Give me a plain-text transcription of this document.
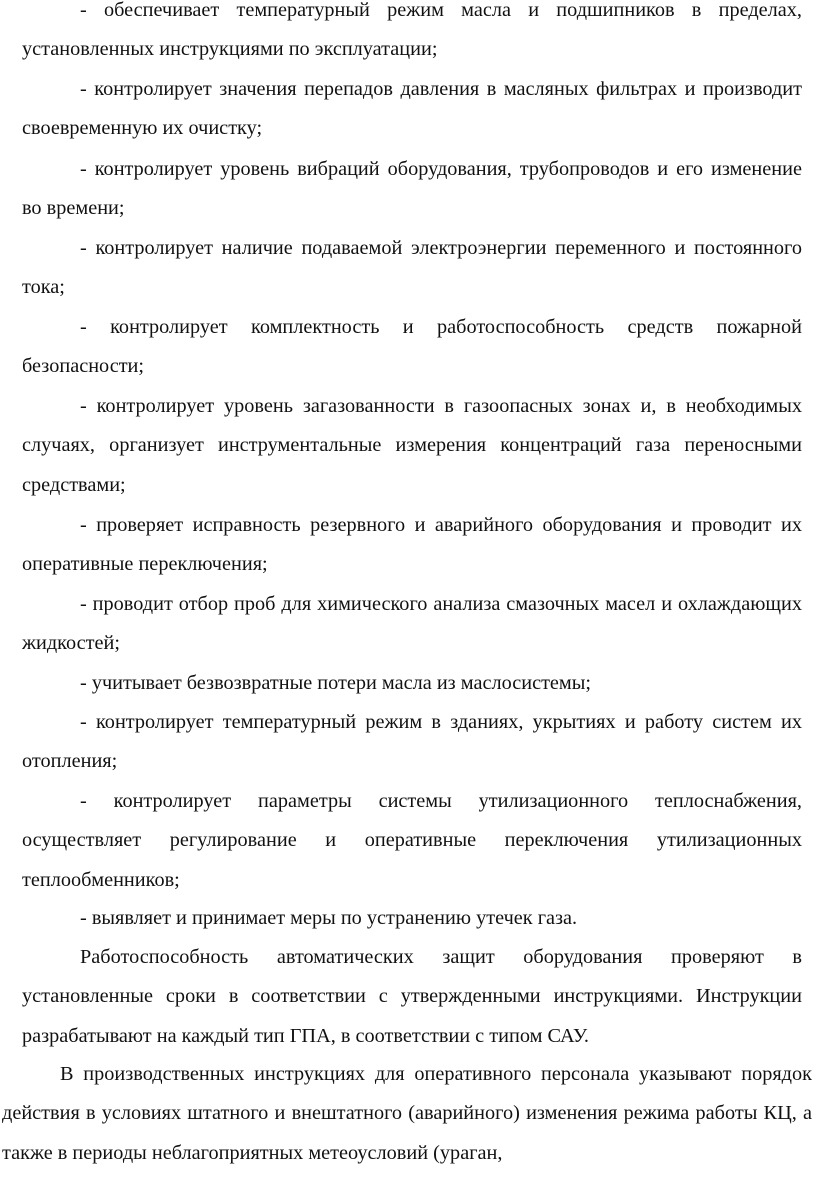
- обеспечивает температурный режим масла и подшипников в пределах, установленных инструкциями по эксплуатации;

- контролирует значения перепадов давления в масляных фильтрах и производит своевременную их очистку;

- контролирует уровень вибраций оборудования, трубопроводов и его изменение во времени;

- контролирует наличие подаваемой электроэнергии переменного и постоянного тока;

- контролирует комплектность и работоспособность средств пожарной безопасности;

- контролирует уровень загазованности в газоопасных зонах и, в необходимых случаях, организует инструментальные измерения концентраций газа переносными средствами;

- проверяет исправность резервного и аварийного оборудования и проводит их оперативные переключения;

- проводит отбор проб для химического анализа смазочных масел и охлаждающих жидкостей;

- учитывает безвозвратные потери масла из маслосистемы;

- контролирует температурный режим в зданиях, укрытиях и работу систем их отопления;

- контролирует параметры системы утилизационного теплоснабжения, осуществляет регулирование и оперативные переключения утилизационных теплообменников;

- выявляет и принимает меры по устранению утечек газа.

Работоспособность автоматических защит оборудования проверяют в установленные сроки в соответствии с утвержденными инструкциями. Инструкции разрабатывают на каждый тип ГПА, в соответствии с типом САУ.

В производственных инструкциях для оперативного персонала указывают порядок действия в условиях штатного и внештатного (аварийного) изменения режима работы КЦ, а также в периоды неблагоприятных метеоусловий (ураган,
